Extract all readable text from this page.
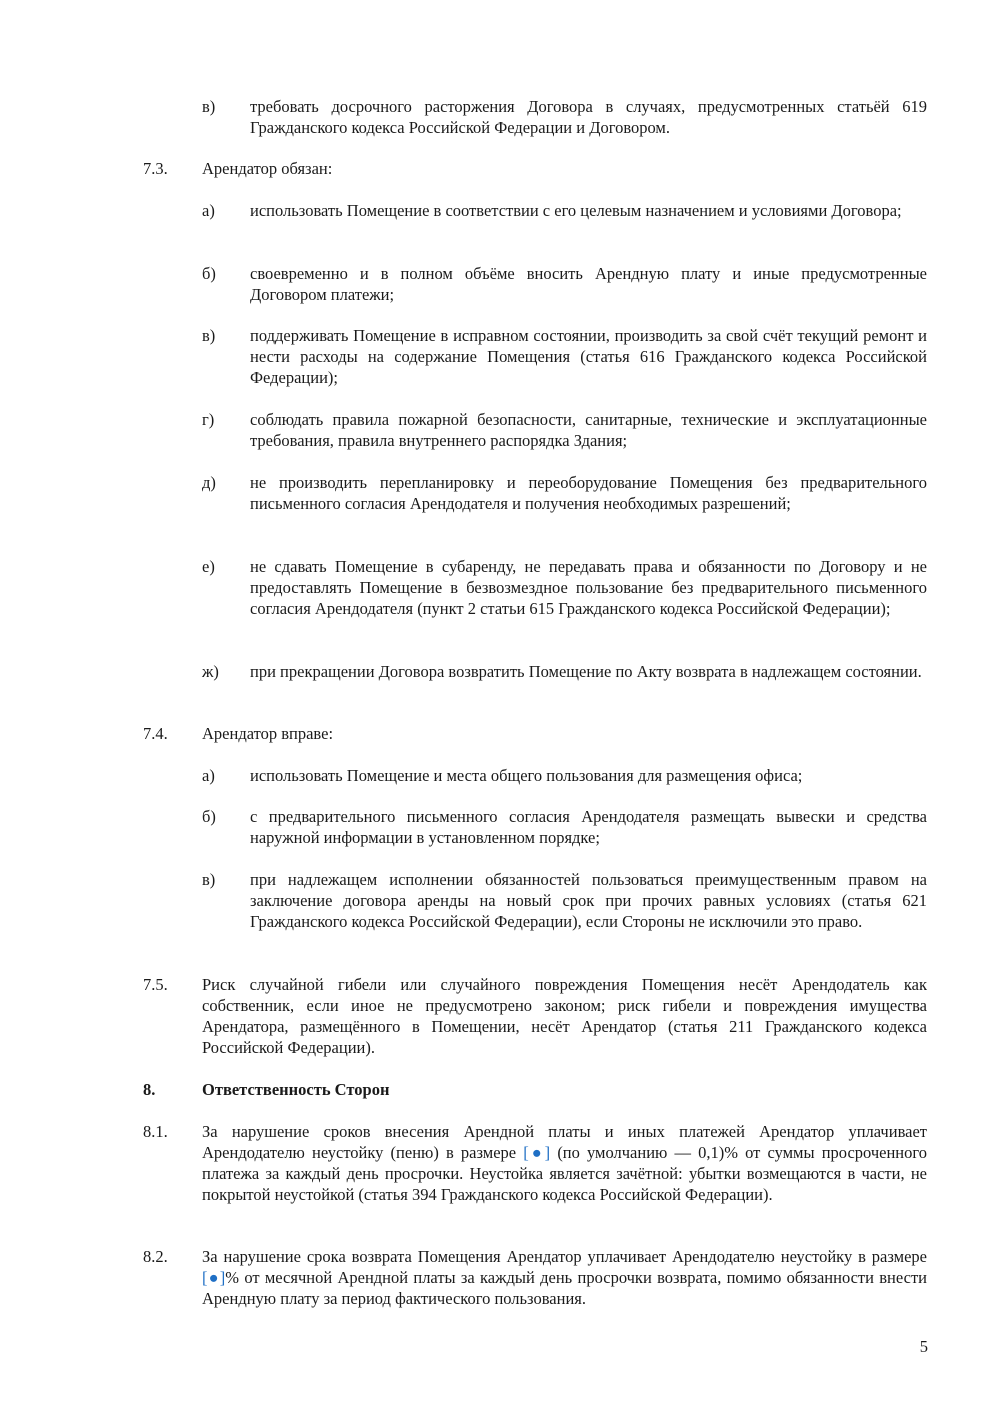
в) требовать досрочного расторжения Договора в случаях, предусмотренных статьёй 619 Гражданского кодекса Российской Федерации и Договором.
7.3. Арендатор обязан:
а) использовать Помещение в соответствии с его целевым назначением и условиями Договора;
б) своевременно и в полном объёме вносить Арендную плату и иные предусмотренные Договором платежи;
в) поддерживать Помещение в исправном состоянии, производить за свой счёт текущий ремонт и нести расходы на содержание Помещения (статья 616 Гражданского кодекса Российской Федерации);
г) соблюдать правила пожарной безопасности, санитарные, технические и эксплуатационные требования, правила внутреннего распорядка Здания;
д) не производить перепланировку и переоборудование Помещения без предварительного письменного согласия Арендодателя и получения необходимых разрешений;
е) не сдавать Помещение в субаренду, не передавать права и обязанности по Договору и не предоставлять Помещение в безвозмездное пользование без предварительного письменного согласия Арендодателя (пункт 2 статьи 615 Гражданского кодекса Российской Федерации);
ж) при прекращении Договора возвратить Помещение по Акту возврата в надлежащем состоянии.
7.4. Арендатор вправе:
а) использовать Помещение и места общего пользования для размещения офиса;
б) с предварительного письменного согласия Арендодателя размещать вывески и средства наружной информации в установленном порядке;
в) при надлежащем исполнении обязанностей пользоваться преимущественным правом на заключение договора аренды на новый срок при прочих равных условиях (статья 621 Гражданского кодекса Российской Федерации), если Стороны не исключили это право.
7.5. Риск случайной гибели или случайного повреждения Помещения несёт Арендодатель как собственник, если иное не предусмотрено законом; риск гибели и повреждения имущества Арендатора, размещённого в Помещении, несёт Арендатор (статья 211 Гражданского кодекса Российской Федерации).
8.	Ответственность Сторон
8.1. За нарушение сроков внесения Арендной платы и иных платежей Арендатор уплачивает Арендодателю неустойку (пеню) в размере [●] (по умолчанию — 0,1)% от суммы просроченного платежа за каждый день просрочки. Неустойка является зачётной: убытки возмещаются в части, не покрытой неустойкой (статья 394 Гражданского кодекса Российской Федерации).
8.2. За нарушение срока возврата Помещения Арендатор уплачивает Арендодателю неустойку в размере [●]% от месячной Арендной платы за каждый день просрочки возврата, помимо обязанности внести Арендную плату за период фактического пользования.
5
